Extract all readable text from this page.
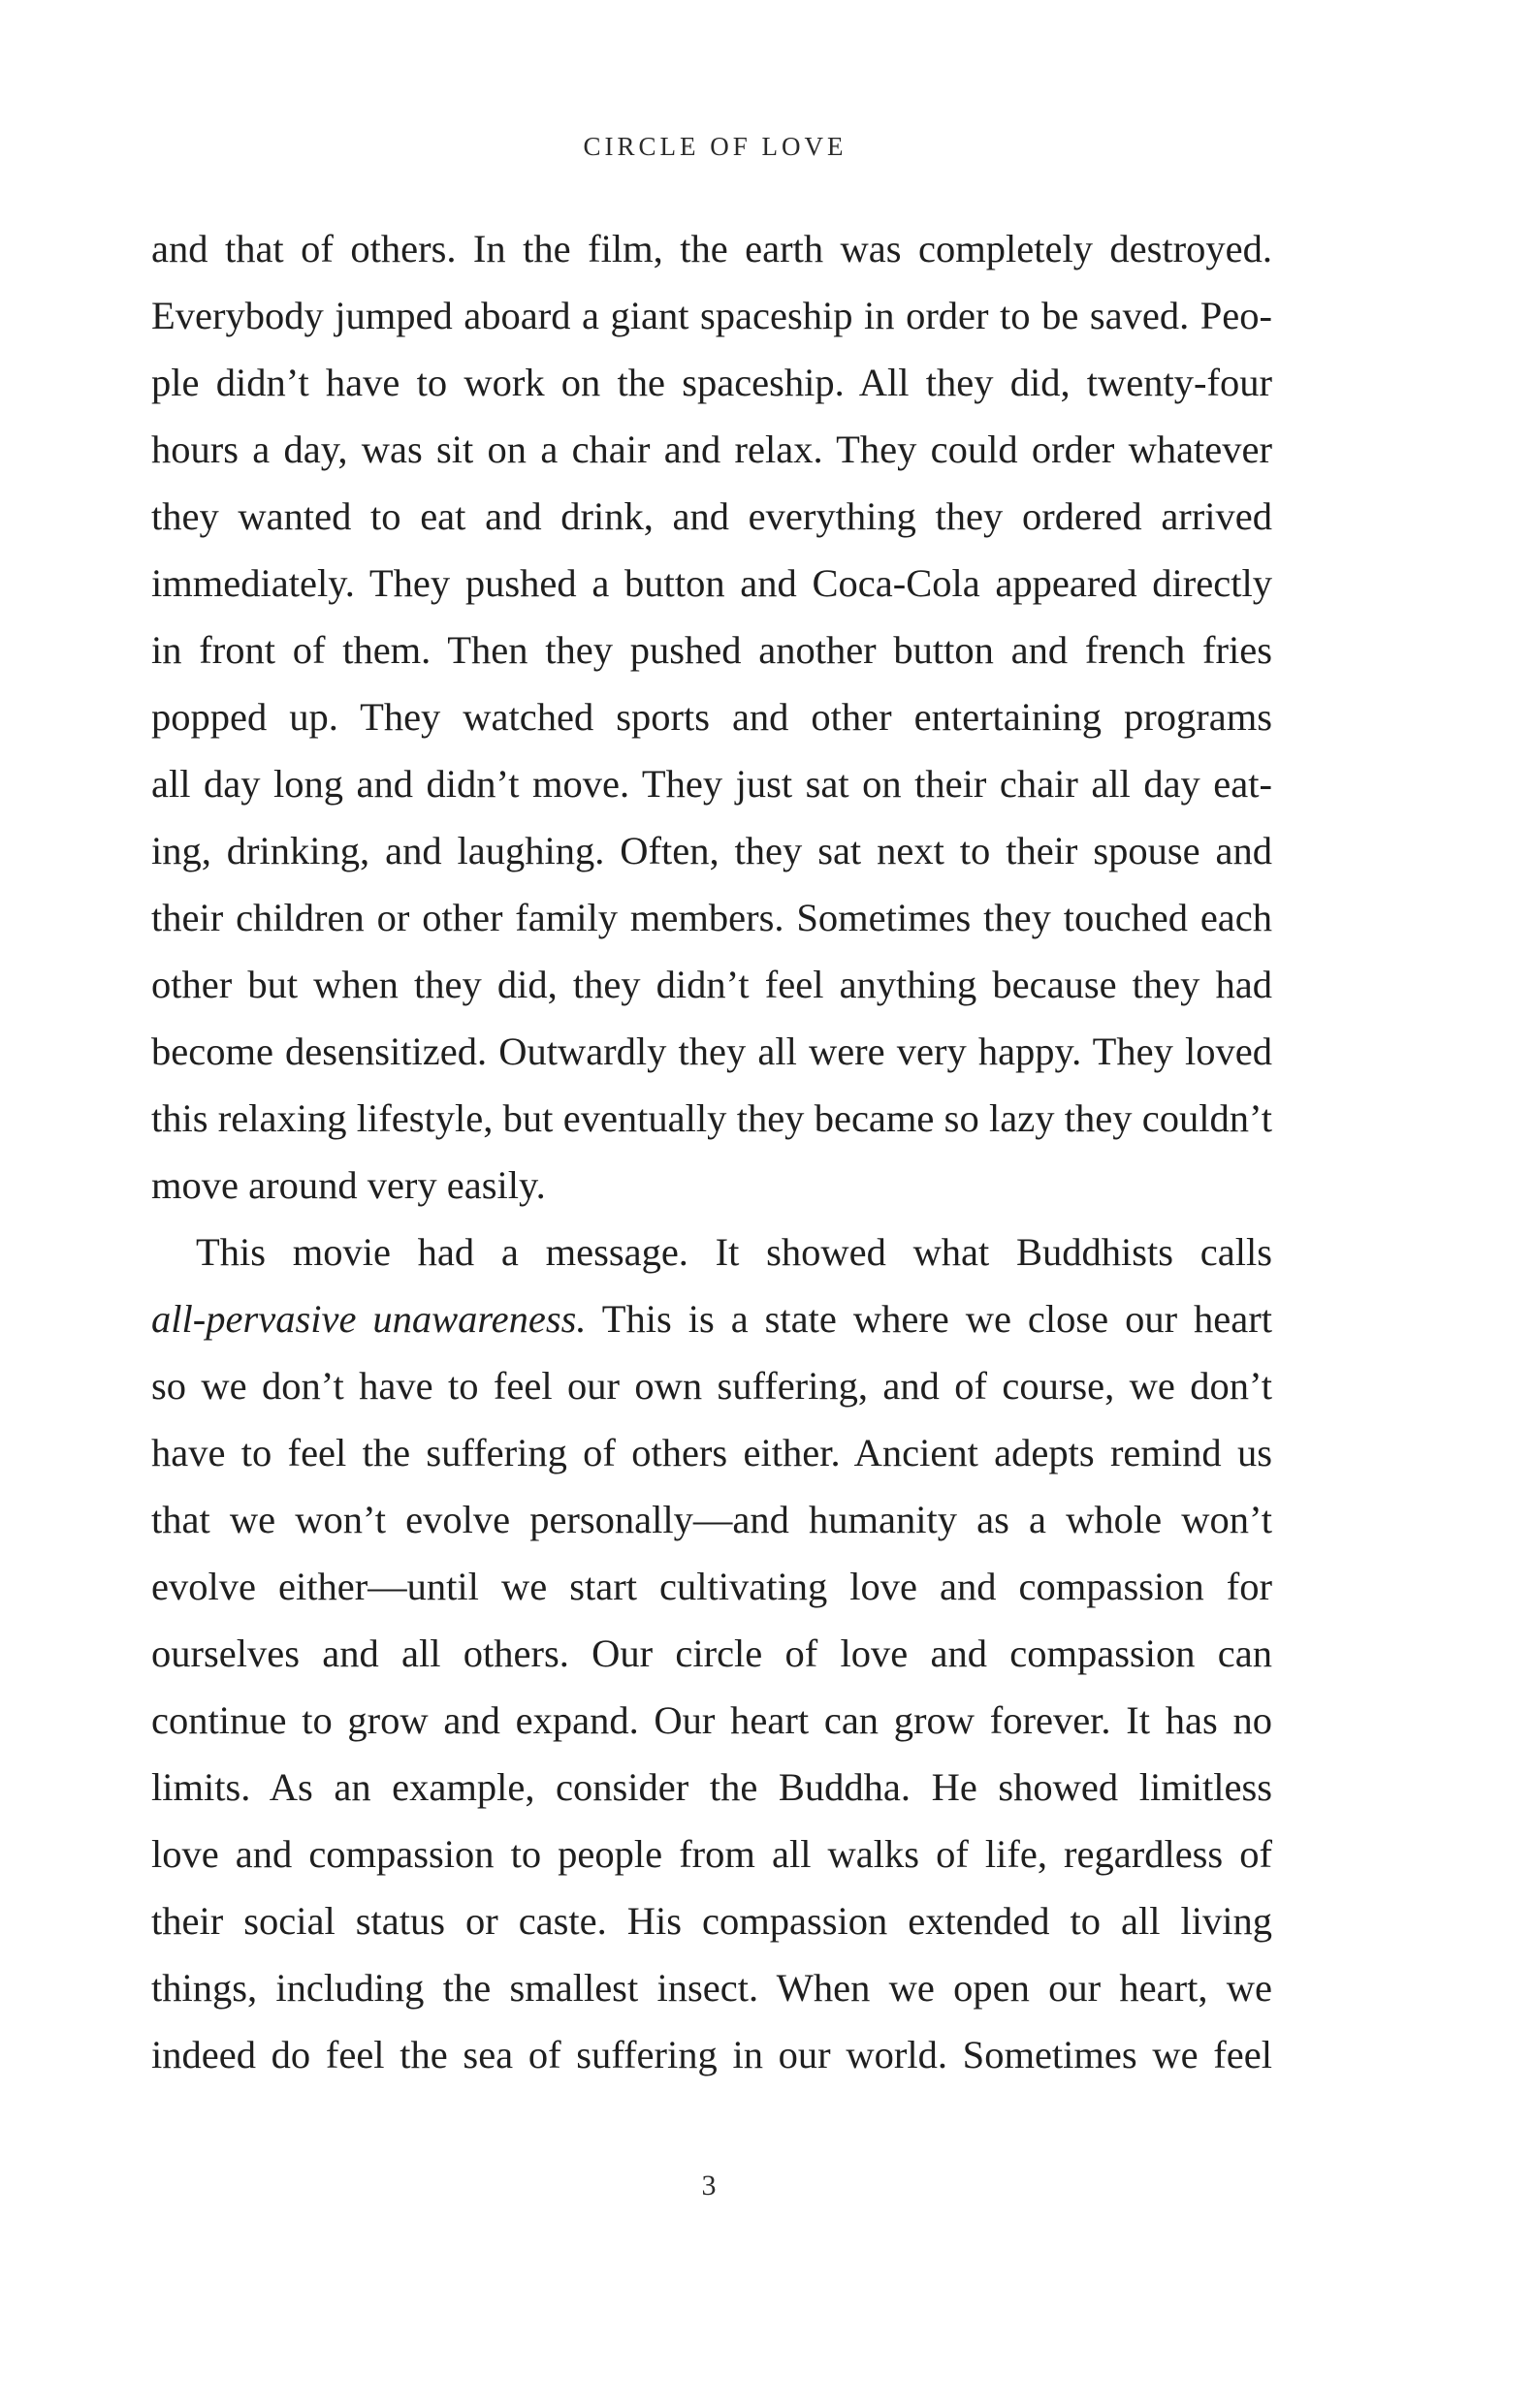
CIRCLE OF LOVE
and that of others. In the film, the earth was completely destroyed.
Everybody jumped aboard a giant spaceship in order to be saved. Peo-
ple didn’t have to work on the spaceship. All they did, twenty-four
hours a day, was sit on a chair and relax. They could order whatever
they wanted to eat and drink, and everything they ordered arrived
immediately. They pushed a button and Coca-Cola appeared directly
in front of them. Then they pushed another button and french fries
popped up. They watched sports and other entertaining programs
all day long and didn’t move. They just sat on their chair all day eat-
ing, drinking, and laughing. Often, they sat next to their spouse and
their children or other family members. Sometimes they touched each
other but when they did, they didn’t feel anything because they had
become desensitized. Outwardly they all were very happy. They loved
this relaxing lifestyle, but eventually they became so lazy they couldn’t
move around very easily.
This movie had a message. It showed what Buddhists calls
all-pervasive unawareness. This is a state where we close our heart
so we don’t have to feel our own suffering, and of course, we don’t
have to feel the suffering of others either. Ancient adepts remind us
that we won’t evolve personally—and humanity as a whole won’t
evolve either—until we start cultivating love and compassion for
ourselves and all others. Our circle of love and compassion can
continue to grow and expand. Our heart can grow forever. It has no
limits. As an example, consider the Buddha. He showed limitless
love and compassion to people from all walks of life, regardless of
their social status or caste. His compassion extended to all living
things, including the smallest insect. When we open our heart, we
indeed do feel the sea of suffering in our world. Sometimes we feel
3
